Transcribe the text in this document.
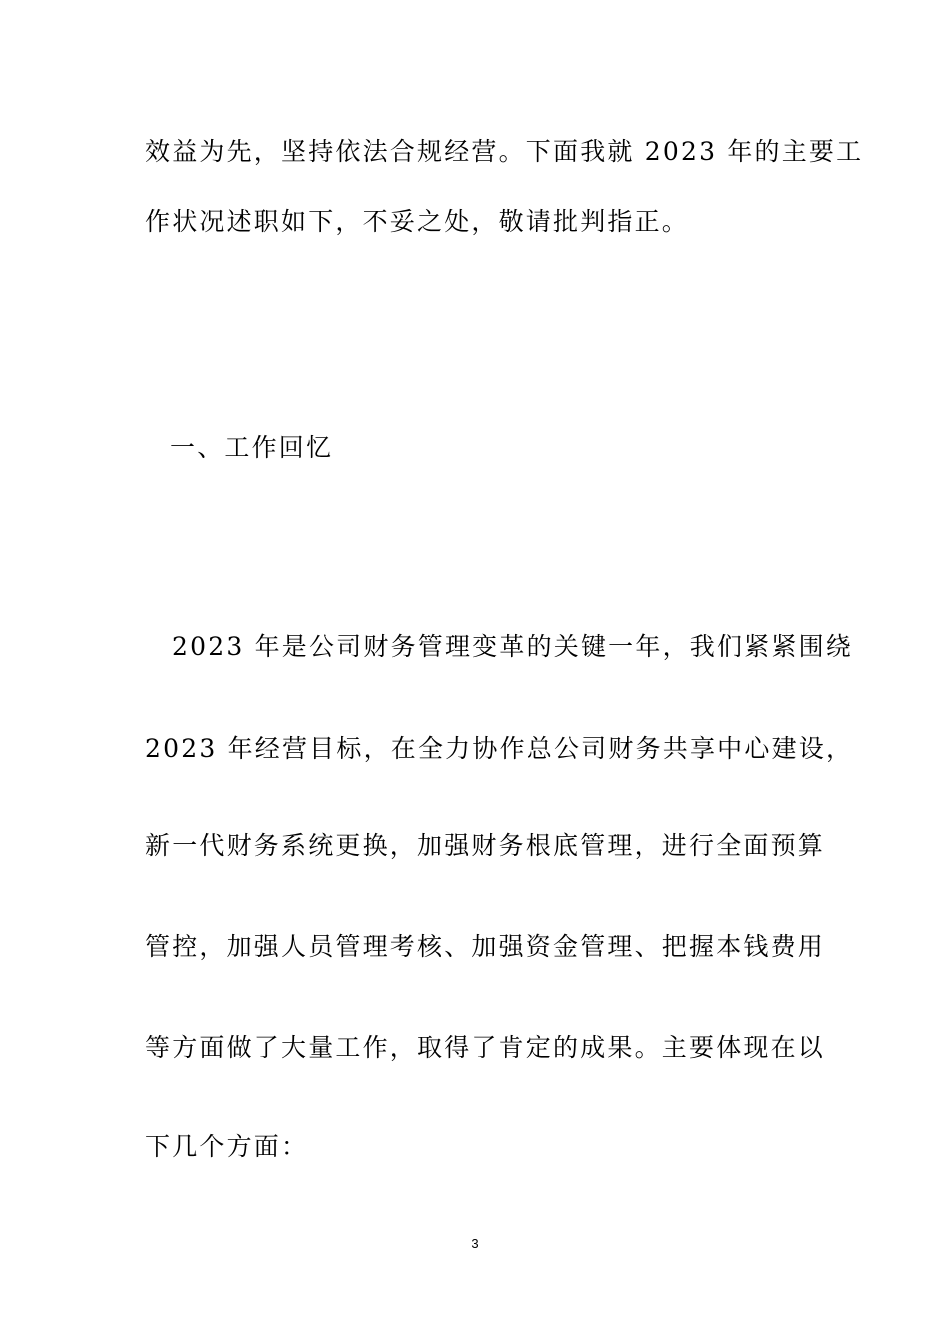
效益为先，坚持依法合规经营。下面我就 2023 年的主要工
作状况述职如下，不妥之处，敬请批判指正。
一、工作回忆
2023 年是公司财务管理变革的关键一年，我们紧紧围绕
2023 年经营目标，在全力协作总公司财务共享中心建设，
新一代财务系统更换，加强财务根底管理，进行全面预算
管控，加强人员管理考核、加强资金管理、把握本钱费用
等方面做了大量工作，取得了肯定的成果。主要体现在以
下几个方面：
3
